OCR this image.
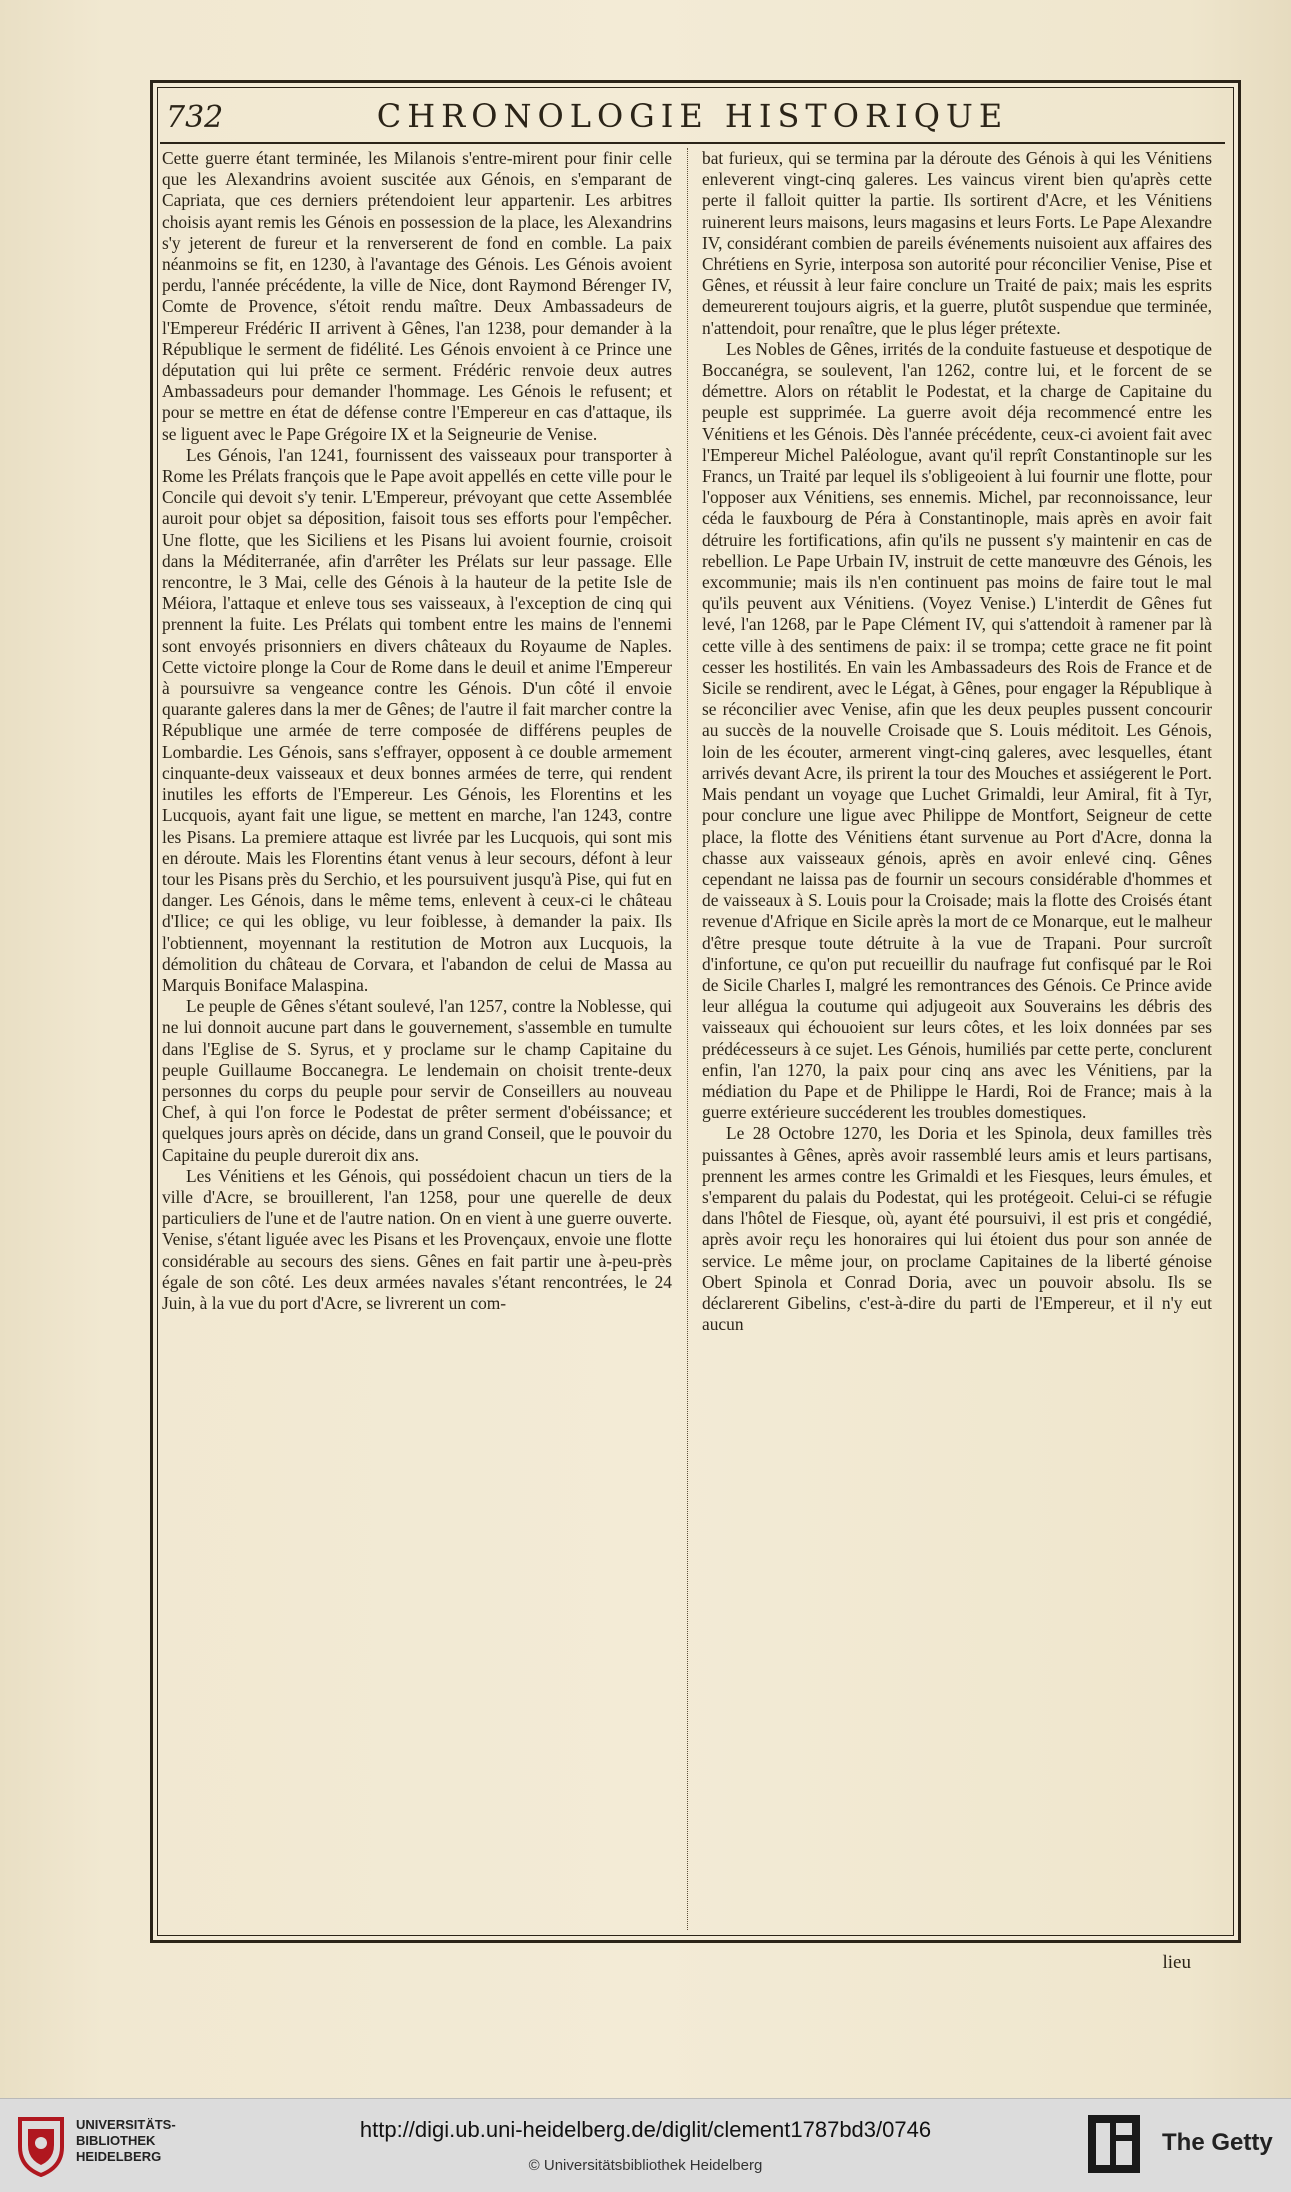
732	CHRONOLOGIE HISTORIQUE

Cette guerre étant terminée, les Milanois s'entre-mirent pour finir celle que les Alexandrins avoient suscitée aux Génois, en s'emparant de Capriata, que ces derniers prétendoient leur appartenir. Les arbitres choisis ayant remis les Génois en possession de la place, les Alexandrins s'y jeterent de fureur et la renverserent de fond en comble. La paix néanmoins se fit, en 1230, à l'avantage des Génois. Les Génois avoient perdu, l'année précédente, la ville de Nice, dont Raymond Bérenger IV, Comte de Provence, s'étoit rendu maître. Deux Ambassadeurs de l'Empereur Frédéric II arrivent à Gênes, l'an 1238, pour demander à la République le serment de fidélité. Les Génois envoient à ce Prince une députation qui lui prête ce serment. Frédéric renvoie deux autres Ambassadeurs pour demander l'hommage. Les Génois le refusent; et pour se mettre en état de défense contre l'Empereur en cas d'attaque, ils se liguent avec le Pape Grégoire IX et la Seigneurie de Venise.

Les Génois, l'an 1241, fournissent des vaisseaux pour transporter à Rome les Prélats françois que le Pape avoit appellés en cette ville pour le Concile qui devoit s'y tenir. L'Empereur, prévoyant que cette Assemblée auroit pour objet sa déposition, faisoit tous ses efforts pour l'empêcher. Une flotte, que les Siciliens et les Pisans lui avoient fournie, croisoit dans la Méditerranée, afin d'arrêter les Prélats sur leur passage. Elle rencontre, le 3 Mai, celle des Génois à la hauteur de la petite Isle de Méiora, l'attaque et enleve tous ses vaisseaux, à l'exception de cinq qui prennent la fuite. Les Prélats qui tombent entre les mains de l'ennemi sont envoyés prisonniers en divers châteaux du Royaume de Naples. Cette victoire plonge la Cour de Rome dans le deuil et anime l'Empereur à poursuivre sa vengeance contre les Génois. D'un côté il envoie quarante galeres dans la mer de Gênes; de l'autre il fait marcher contre la République une armée de terre composée de différens peuples de Lombardie. Les Génois, sans s'effrayer, opposent à ce double armement cinquante-deux vaisseaux et deux bonnes armées de terre, qui rendent inutiles les efforts de l'Empereur. Les Génois, les Florentins et les Lucquois, ayant fait une ligue, se mettent en marche, l'an 1243, contre les Pisans. La premiere attaque est livrée par les Lucquois, qui sont mis en déroute. Mais les Florentins étant venus à leur secours, défont à leur tour les Pisans près du Serchio, et les poursuivent jusqu'à Pise, qui fut en danger. Les Génois, dans le même tems, enlevent à ceux-ci le château d'Ilice; ce qui les oblige, vu leur foiblesse, à demander la paix. Ils l'obtiennent, moyennant la restitution de Motron aux Lucquois, la démolition du château de Corvara, et l'abandon de celui de Massa au Marquis Boniface Malaspina.

Le peuple de Gênes s'étant soulevé, l'an 1257, contre la Noblesse, qui ne lui donnoit aucune part dans le gouvernement, s'assemble en tumulte dans l'Eglise de S. Syrus, et y proclame sur le champ Capitaine du peuple Guillaume Boccanegra. Le lendemain on choisit trente-deux personnes du corps du peuple pour servir de Conseillers au nouveau Chef, à qui l'on force le Podestat de prêter serment d'obéissance; et quelques jours après on décide, dans un grand Conseil, que le pouvoir du Capitaine du peuple dureroit dix ans.

Les Vénitiens et les Génois, qui possédoient chacun un tiers de la ville d'Acre, se brouillerent, l'an 1258, pour une querelle de deux particuliers de l'une et de l'autre nation. On en vient à une guerre ouverte. Venise, s'étant liguée avec les Pisans et les Provençaux, envoie une flotte considérable au secours des siens. Gênes en fait partir une à-peu-près égale de son côté. Les deux armées navales s'étant rencontrées, le 24 Juin, à la vue du port d'Acre, se livrerent un com-

bat furieux, qui se termina par la déroute des Génois à qui les Vénitiens enleverent vingt-cinq galeres. Les vaincus virent bien qu'après cette perte il falloit quitter la partie. Ils sortirent d'Acre, et les Vénitiens ruinerent leurs maisons, leurs magasins et leurs Forts. Le Pape Alexandre IV, considérant combien de pareils événements nuisoient aux affaires des Chrétiens en Syrie, interposa son autorité pour réconcilier Venise, Pise et Gênes, et réussit à leur faire conclure un Traité de paix; mais les esprits demeurerent toujours aigris, et la guerre, plutôt suspendue que terminée, n'attendoit, pour renaître, que le plus léger prétexte.

Les Nobles de Gênes, irrités de la conduite fastueuse et despotique de Boccanégra, se soulevent, l'an 1262, contre lui, et le forcent de se démettre. Alors on rétablit le Podestat, et la charge de Capitaine du peuple est supprimée. La guerre avoit déja recommencé entre les Vénitiens et les Génois. Dès l'année précédente, ceux-ci avoient fait avec l'Empereur Michel Paléologue, avant qu'il reprît Constantinople sur les Francs, un Traité par lequel ils s'obligeoient à lui fournir une flotte, pour l'opposer aux Vénitiens, ses ennemis. Michel, par reconnoissance, leur céda le fauxbourg de Péra à Constantinople, mais après en avoir fait détruire les fortifications, afin qu'ils ne pussent s'y maintenir en cas de rebellion. Le Pape Urbain IV, instruit de cette manœuvre des Génois, les excommunie; mais ils n'en continuent pas moins de faire tout le mal qu'ils peuvent aux Vénitiens. (Voyez Venise.) L'interdit de Gênes fut levé, l'an 1268, par le Pape Clément IV, qui s'attendoit à ramener par là cette ville à des sentimens de paix: il se trompa; cette grace ne fit point cesser les hostilités. En vain les Ambassadeurs des Rois de France et de Sicile se rendirent, avec le Légat, à Gênes, pour engager la République à se réconcilier avec Venise, afin que les deux peuples pussent concourir au succès de la nouvelle Croisade que S. Louis méditoit. Les Génois, loin de les écouter, armerent vingt-cinq galeres, avec lesquelles, étant arrivés devant Acre, ils prirent la tour des Mouches et assiégerent le Port. Mais pendant un voyage que Luchet Grimaldi, leur Amiral, fit à Tyr, pour conclure une ligue avec Philippe de Montfort, Seigneur de cette place, la flotte des Vénitiens étant survenue au Port d'Acre, donna la chasse aux vaisseaux génois, après en avoir enlevé cinq. Gênes cependant ne laissa pas de fournir un secours considérable d'hommes et de vaisseaux à S. Louis pour la Croisade; mais la flotte des Croisés étant revenue d'Afrique en Sicile après la mort de ce Monarque, eut le malheur d'être presque toute détruite à la vue de Trapani. Pour surcroît d'infortune, ce qu'on put recueillir du naufrage fut confisqué par le Roi de Sicile Charles I, malgré les remontrances des Génois. Ce Prince avide leur allégua la coutume qui adjugeoit aux Souverains les débris des vaisseaux qui échouoient sur leurs côtes, et les loix données par ses prédécesseurs à ce sujet. Les Génois, humiliés par cette perte, conclurent enfin, l'an 1270, la paix pour cinq ans avec les Vénitiens, par la médiation du Pape et de Philippe le Hardi, Roi de France; mais à la guerre extérieure succéderent les troubles domestiques.

Le 28 Octobre 1270, les Doria et les Spinola, deux familles très puissantes à Gênes, après avoir rassemblé leurs amis et leurs partisans, prennent les armes contre les Grimaldi et les Fiesques, leurs émules, et s'emparent du palais du Podestat, qui les protégeoit. Celui-ci se réfugie dans l'hôtel de Fiesque, où, ayant été poursuivi, il est pris et congédié, après avoir reçu les honoraires qui lui étoient dus pour son année de service. Le même jour, on proclame Capitaines de la liberté génoise Obert Spinola et Conrad Doria, avec un pouvoir absolu. Ils se déclarerent Gibelins, c'est-à-dire du parti de l'Empereur, et il n'y eut aucun

lieu
UNIVERSITÄTS-
BIBLIOTHEK
HEIDELBERG
http://digi.ub.uni-heidelberg.de/diglit/clement1787bd3/0746
© Universitätsbibliothek Heidelberg
The Getty
